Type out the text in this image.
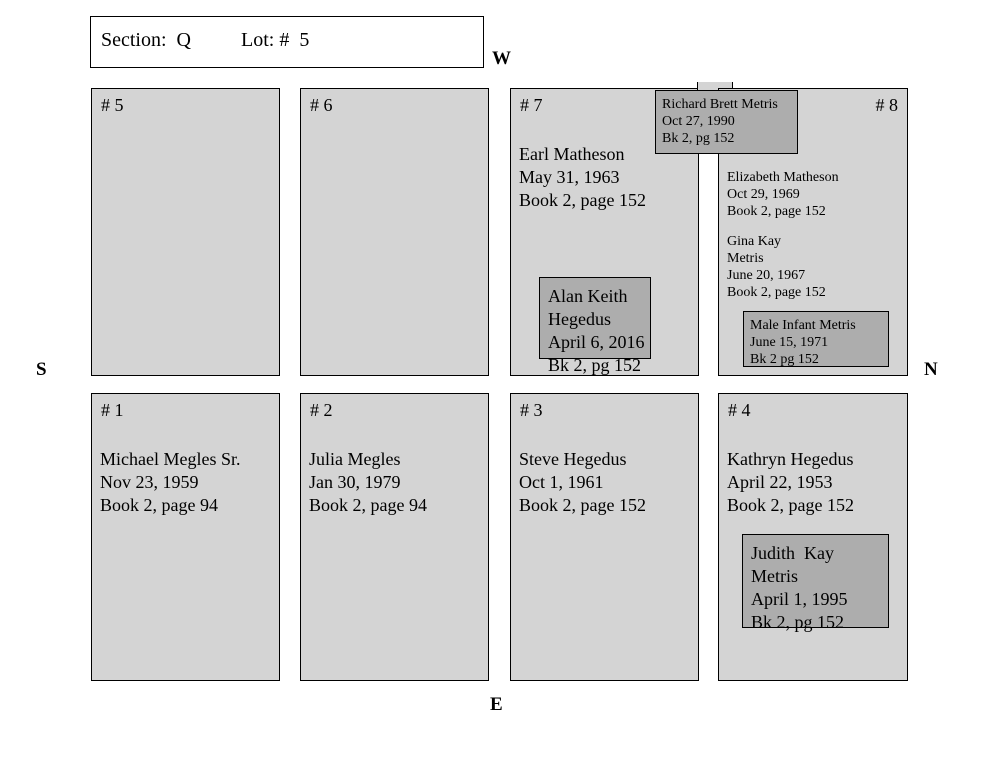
Section:  Q          Lot: #  5
W
N
S
E
# 5	# 6	# 7
Earl Matheson
May 31, 1963
Book 2, page 152
Alan Keith
Hegedus
April 6, 2016
Bk 2, pg 152
# 8
Elizabeth Matheson
Oct 29, 1969
Book 2, page 152
Gina Kay
Metris
June 20, 1967
Book 2, page 152
Male Infant Metris
June 15, 1971
Bk 2 pg 152
Richard Brett Metris
Oct 27, 1990
Bk 2, pg 152
# 1
Michael Megles Sr.
Nov 23, 1959
Book 2, page 94
# 2
Julia Megles
Jan 30, 1979
Book 2, page 94
# 3
Steve Hegedus
Oct 1, 1961
Book 2, page 152
# 4
Kathryn Hegedus
April 22, 1953
Book 2, page 152
Judith  Kay
Metris
April 1, 1995
Bk 2, pg 152
